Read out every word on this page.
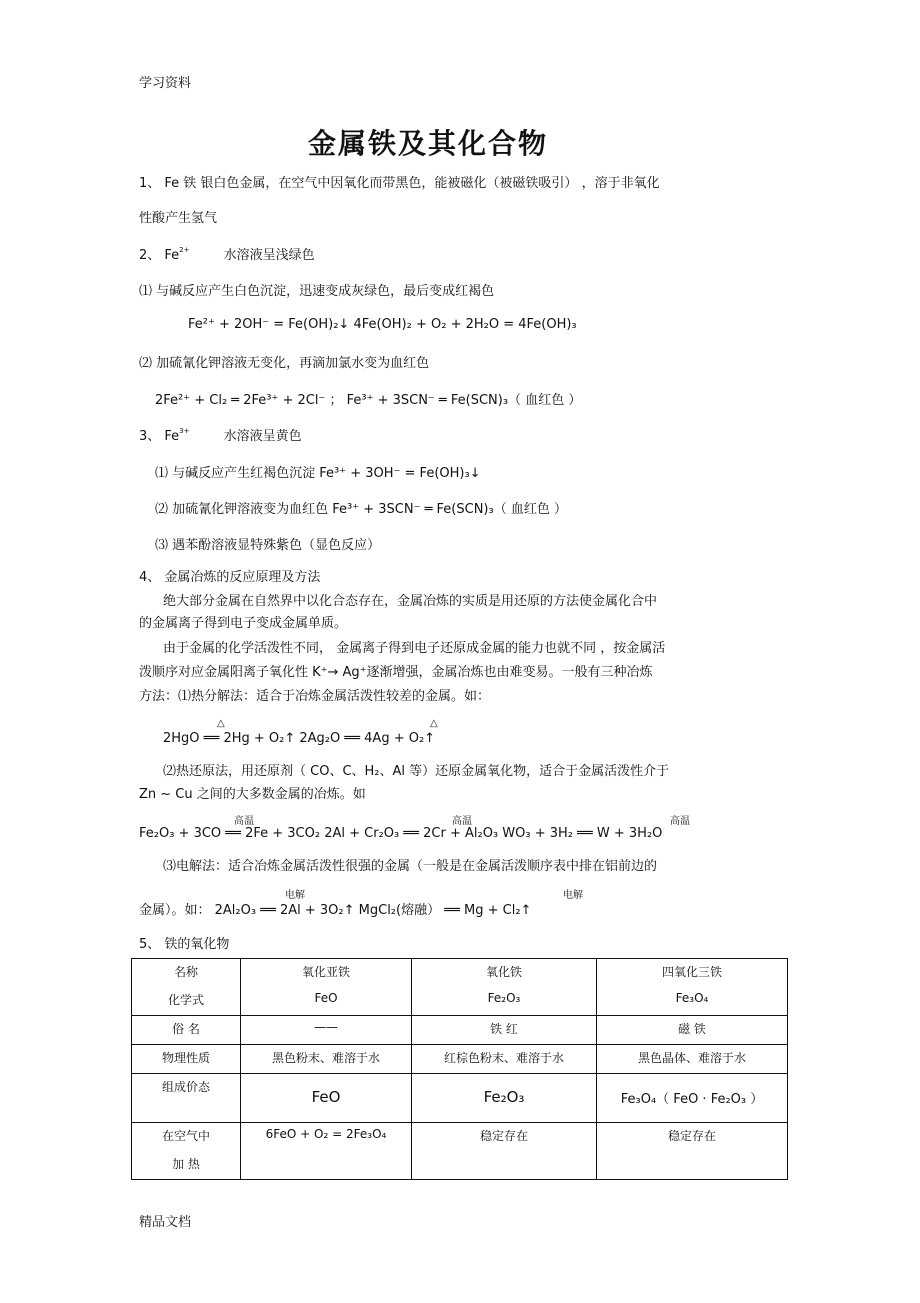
学习资料
金属铁及其化合物
1、 Fe 铁 银白色金属，在空气中因氧化而带黑色，能被磁化（被磁铁吸引） ，溶于非氧化
性酸产生氢气
2、 $Fe^{2+}$	水溶液呈浅绿色
⑴ 与碱反应产生白色沉淀，迅速变成灰绿色，最后变成红褐色
Fe²⁺ + 2OH⁻ = Fe(OH)₂↓ 4Fe(OH)₂ + O₂ + 2H₂O = 4Fe(OH)₃
⑵ 加硫氰化钾溶液无变化，再滴加氯水变为血红色
2Fe²⁺ + Cl₂ ═ 2Fe³⁺ + 2Cl⁻ ； Fe³⁺ + 3SCN⁻ ═ Fe(SCN)₃（ 血红色 ）
3、 $Fe^{3+}$	水溶液呈黄色
⑴ 与碱反应产生红褐色沉淀 Fe³⁺ + 3OH⁻ = Fe(OH)₃↓
⑵ 加硫氰化钾溶液变为血红色 Fe³⁺ + 3SCN⁻ ═ Fe(SCN)₃（ 血红色 ）
⑶ 遇苯酚溶液显特殊紫色（显色反应）
4、 金属冶炼的反应原理及方法
绝大部分金属在自然界中以化合态存在，金属冶炼的实质是用还原的方法使金属化合中
的金属离子得到电子变成金属单质。
由于金属的化学活泼性不同， 金属离子得到电子还原成金属的能力也就不同 ，按金属活
泼顺序对应金属阳离子氧化性 K⁺→ Ag⁺逐渐增强，金属冶炼也由难变易。一般有三种冶炼
方法：⑴热分解法：适合于冶炼金属活泼性较差的金属。如：
△	△
2HgO ══ 2Hg + O₂↑ 2Ag₂O ══ 4Ag + O₂↑
⑵热还原法，用还原剂（ CO、C、H₂、Al 等）还原金属氧化物，适合于金属活泼性介于
Zn ~ Cu 之间的大多数金属的冶炼。如
高温	高温	高温
Fe₂O₃ + 3CO ══ 2Fe + 3CO₂ 2Al + Cr₂O₃ ══ 2Cr + Al₂O₃ WO₃ + 3H₂ ══ W + 3H₂O
⑶电解法：适合冶炼金属活泼性很强的金属（一般是在金属活泼顺序表中排在铝前边的
电解	电解
金属）。如： 2Al₂O₃ ══ 2Al + 3O₂↑ MgCl₂(熔融） ══ Mg + Cl₂↑
5、 铁的氧化物
名称	氧化亚铁	氧化铁	四氧化三铁
化学式	FeO	Fe₂O₃	Fe₃O₄
俗 名	——	铁 红	磁 铁
物理性质	黑色粉末、难溶于水	红棕色粉末、难溶于水	黑色晶体、难溶于水
组成价态	FeO	Fe₂O₃	Fe₃O₄（ FeO · Fe₂O₃ ）
在空气中	6FeO + O₂ = 2Fe₃O₄	稳定存在	稳定存在
加 热			
精品文档
